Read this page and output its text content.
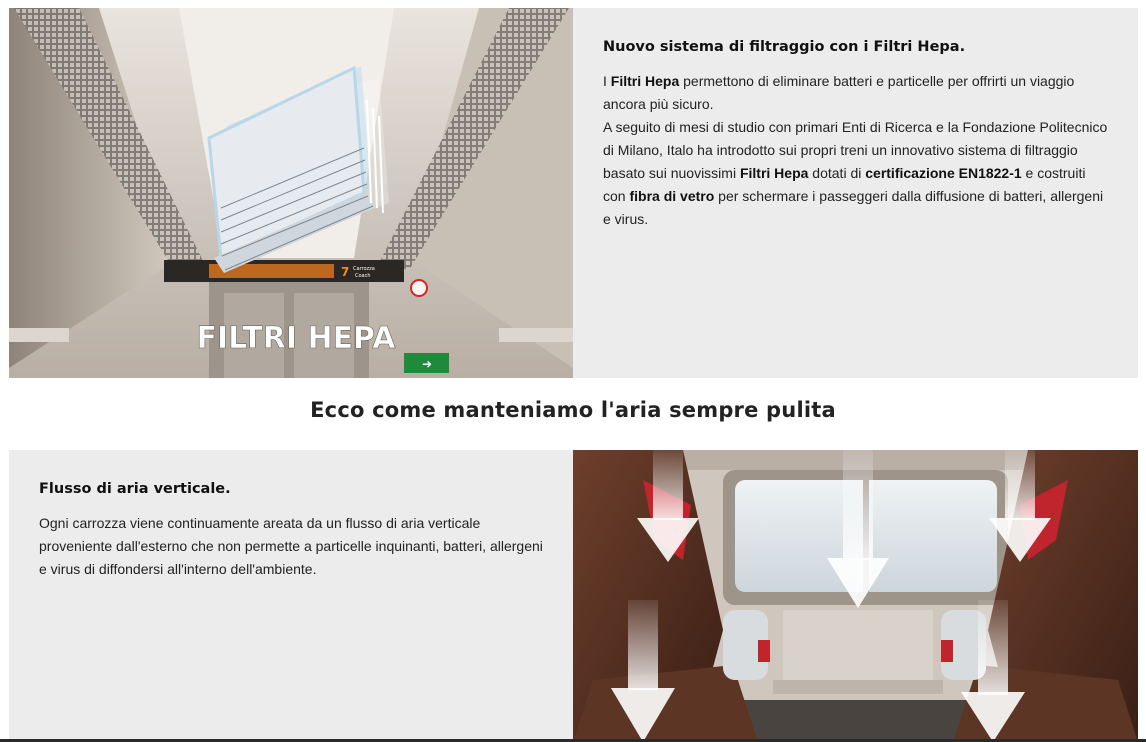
7 Carrozza
Coach
➜
FILTRI HEPA
Nuovo sistema di filtraggio con i Filtri Hepa.

I Filtri Hepa permettono di eliminare batteri e particelle per offrirti un viaggio ancora più sicuro.
A seguito di mesi di studio con primari Enti di Ricerca e la Fondazione Politecnico di Milano, Italo ha introdotto sui propri treni un innovativo sistema di filtraggio basato sui nuovissimi Filtri Hepa dotati di certificazione EN1822-1 e costruiti con fibra di vetro per schermare i passeggeri dalla diffusione di batteri, allergeni e virus.

Ecco come manteniamo l'aria sempre pulita
Flusso di aria verticale.

Ogni carrozza viene continuamente areata da un flusso di aria verticale proveniente dall'esterno che non permette a particelle inquinanti, batteri, allergeni e virus di diffondersi all'interno dell'ambiente.
